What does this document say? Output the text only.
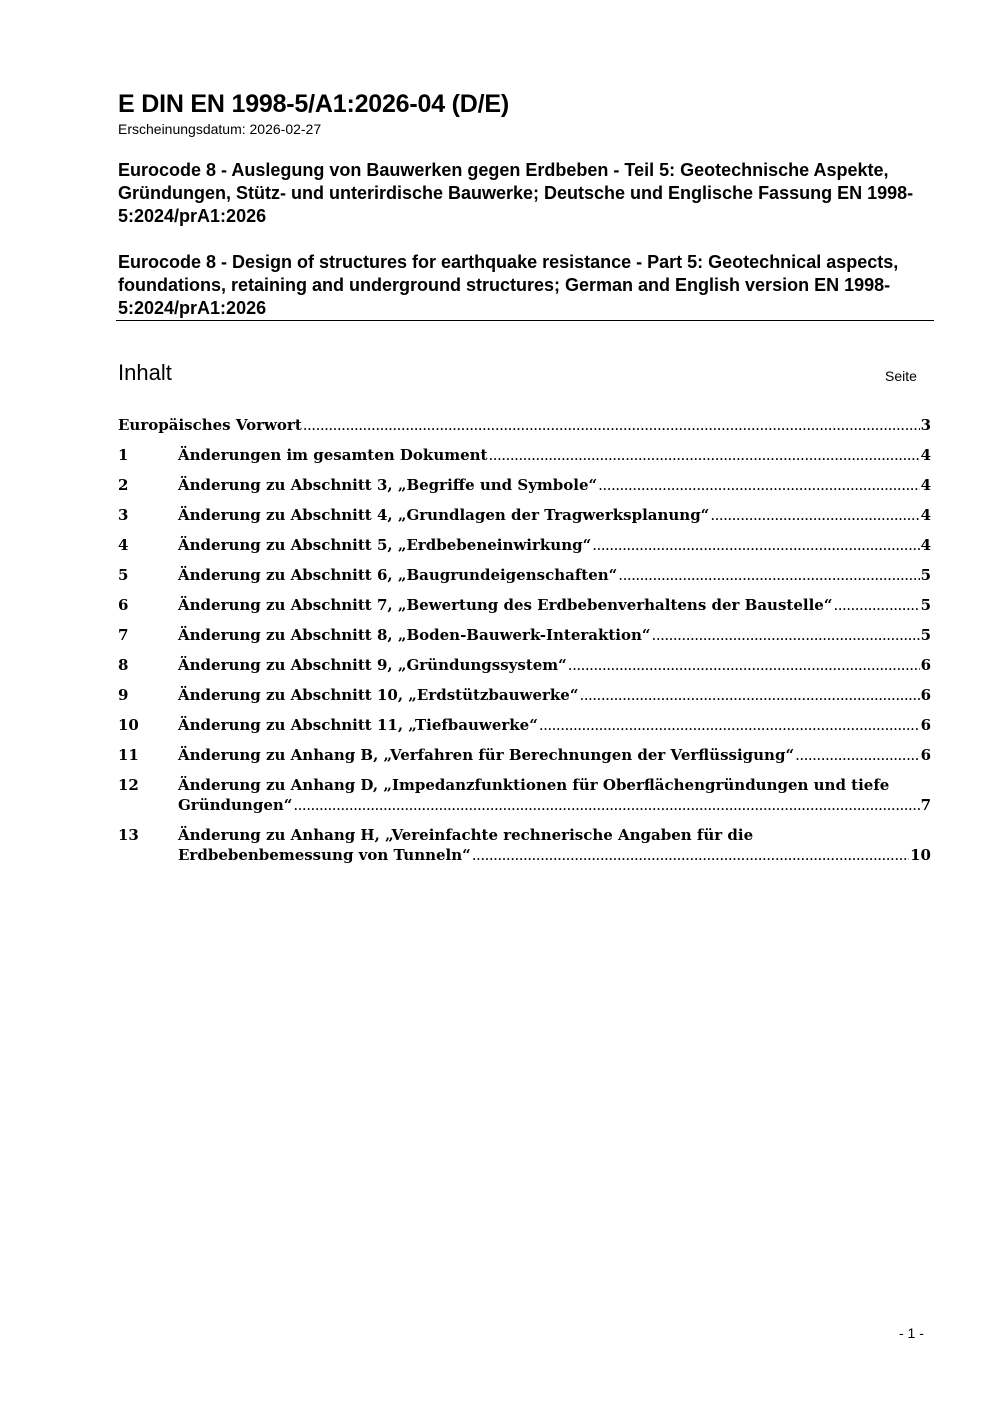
E DIN EN 1998-5/A1:2026-04 (D/E)
Erscheinungsdatum: 2026-02-27
Eurocode 8 - Auslegung von Bauwerken gegen Erdbeben - Teil 5: Geotechnische Aspekte, Gründungen, Stütz- und unterirdische Bauwerke; Deutsche und Englische Fassung EN 1998-5:2024/prA1:2026
Eurocode 8 - Design of structures for earthquake resistance - Part 5: Geotechnical aspects, foundations, retaining and underground structures; German and English version EN 1998-5:2024/prA1:2026
Inhalt	Seite
Europäisches Vorwort .....	3
1	Änderungen im gesamten Dokument .....	4
2	Änderung zu Abschnitt 3, „Begriffe und Symbole“ .....	4
3	Änderung zu Abschnitt 4, „Grundlagen der Tragwerksplanung“ .....	4
4	Änderung zu Abschnitt 5, „Erdbebeneinwirkung“ .....	4
5	Änderung zu Abschnitt 6, „Baugrundeigenschaften“ .....	5
6	Änderung zu Abschnitt 7, „Bewertung des Erdbebenverhaltens der Baustelle“ .....	5
7	Änderung zu Abschnitt 8, „Boden-Bauwerk-Interaktion“ .....	5
8	Änderung zu Abschnitt 9, „Gründungssystem“ .....	6
9	Änderung zu Abschnitt 10, „Erdstützbauwerke“ .....	6
10	Änderung zu Abschnitt 11, „Tiefbauwerke“ .....	6
11	Änderung zu Anhang B, „Verfahren für Berechnungen der Verflüssigung“ .....	6
12	Änderung zu Anhang D, „Impedanzfunktionen für Oberflächengründungen und tiefe
Gründungen“ .....	7
13	Änderung zu Anhang H, „Vereinfachte rechnerische Angaben für die
Erdbebenbemessung von Tunneln“ .....	10
- 1 -
